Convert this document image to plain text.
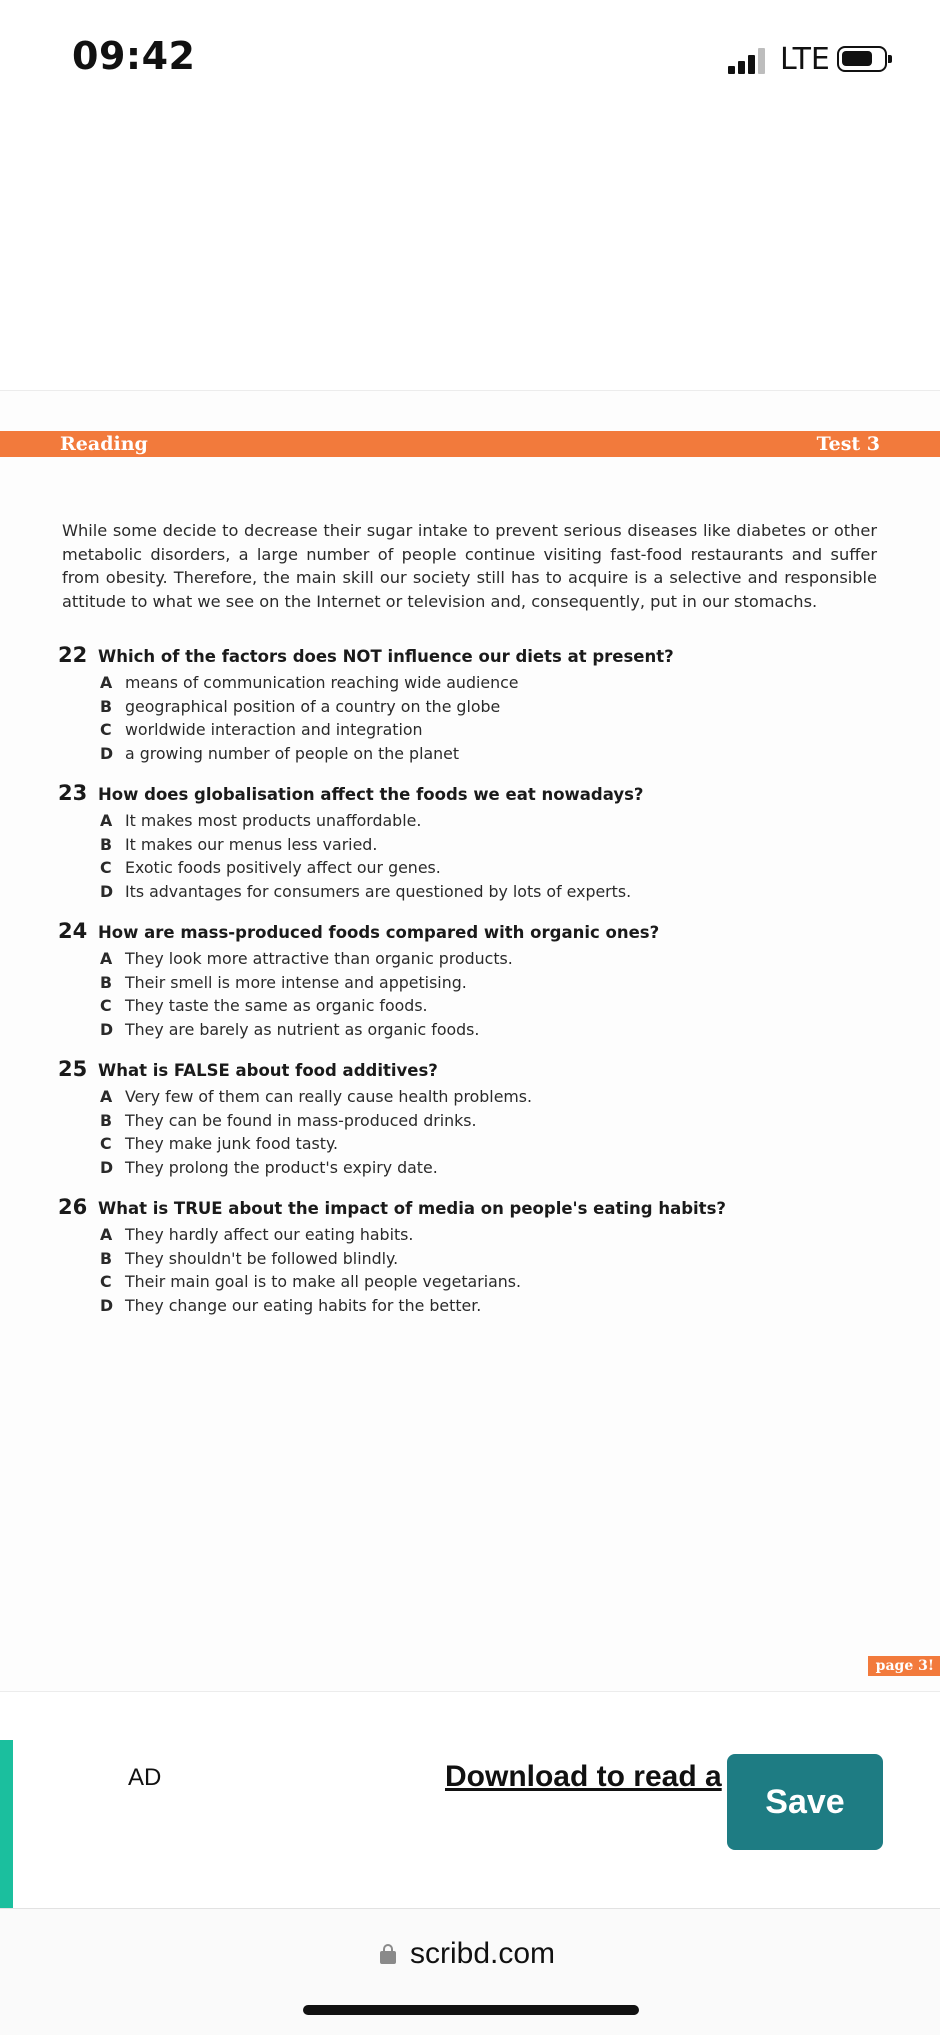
09:42	LTE
Reading	Test 3

While some decide to decrease their sugar intake to prevent serious diseases like diabetes or other metabolic disorders, a large number of people continue visiting fast-food restaurants and suffer from obesity. Therefore, the main skill our society still has to acquire is a selective and responsible attitude to what we see on the Internet or television and, consequently, put in our stomachs.

22 Which of the factors does NOT influence our diets at present?
A means of communication reaching wide audience
B geographical position of a country on the globe
C worldwide interaction and integration
D a growing number of people on the planet
23 How does globalisation affect the foods we eat nowadays?
A It makes most products unaffordable.
B It makes our menus less varied.
C Exotic foods positively affect our genes.
D Its advantages for consumers are questioned by lots of experts.
24 How are mass-produced foods compared with organic ones?
A They look more attractive than organic products.
B Their smell is more intense and appetising.
C They taste the same as organic foods.
D They are barely as nutrient as organic foods.
25 What is FALSE about food additives?
A Very few of them can really cause health problems.
B They can be found in mass-produced drinks.
C They make junk food tasty.
D They prolong the product's expiry date.
26 What is TRUE about the impact of media on people's eating habits?
A They hardly affect our eating habits.
B They shouldn't be followed blindly.
C Their main goal is to make all people vegetarians.
D They change our eating habits for the better.
page 3!
AD	Download to read a
Save
scribd.com
